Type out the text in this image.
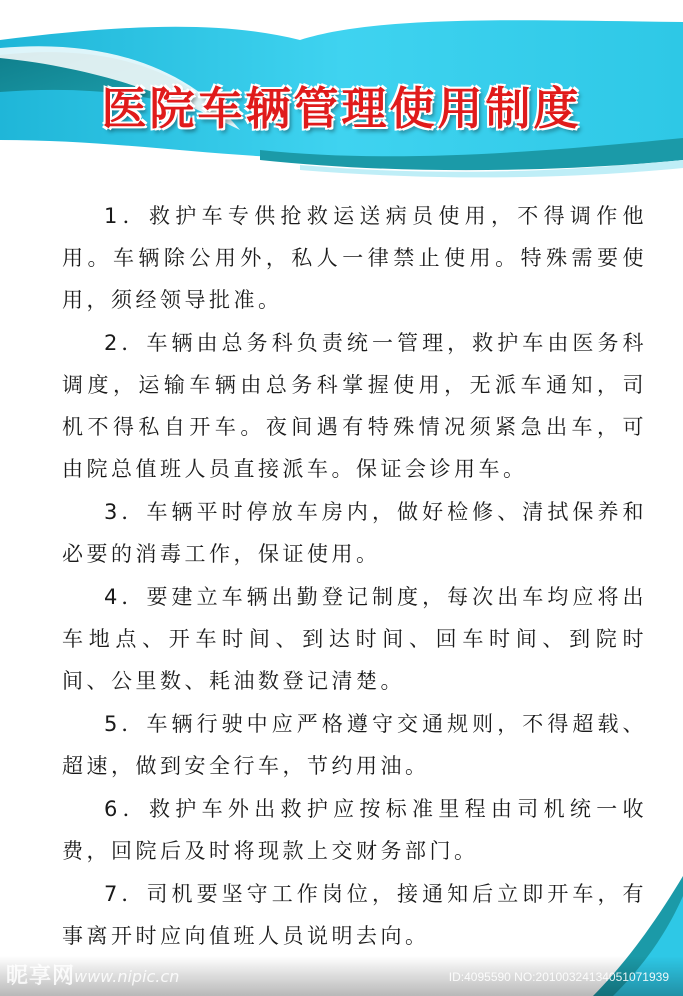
医院车辆管理使用制度

1．救护车专供抢救运送病员使用，不得调作他用。车辆除公用外，私人一律禁止使用。特殊需要使用，须经领导批准。

2．车辆由总务科负责统一管理，救护车由医务科调度，运输车辆由总务科掌握使用，无派车通知，司机不得私自开车。夜间遇有特殊情况须紧急出车，可由院总值班人员直接派车。保证会诊用车。

3．车辆平时停放车房内，做好检修、清拭保养和必要的消毒工作，保证使用。

4．要建立车辆出勤登记制度，每次出车均应将出车地点、开车时间、到达时间、回车时间、到院时间、公里数、耗油数登记清楚。

5．车辆行驶中应严格遵守交通规则，不得超载、超速，做到安全行车，节约用油。

6．救护车外出救护应按标准里程由司机统一收费，回院后及时将现款上交财务部门。

7．司机要坚守工作岗位，接通知后立即开车，有事离开时应向值班人员说明去向。

昵享网
www.nipic.cn	ID:4095590 NO:20100324134051071939
